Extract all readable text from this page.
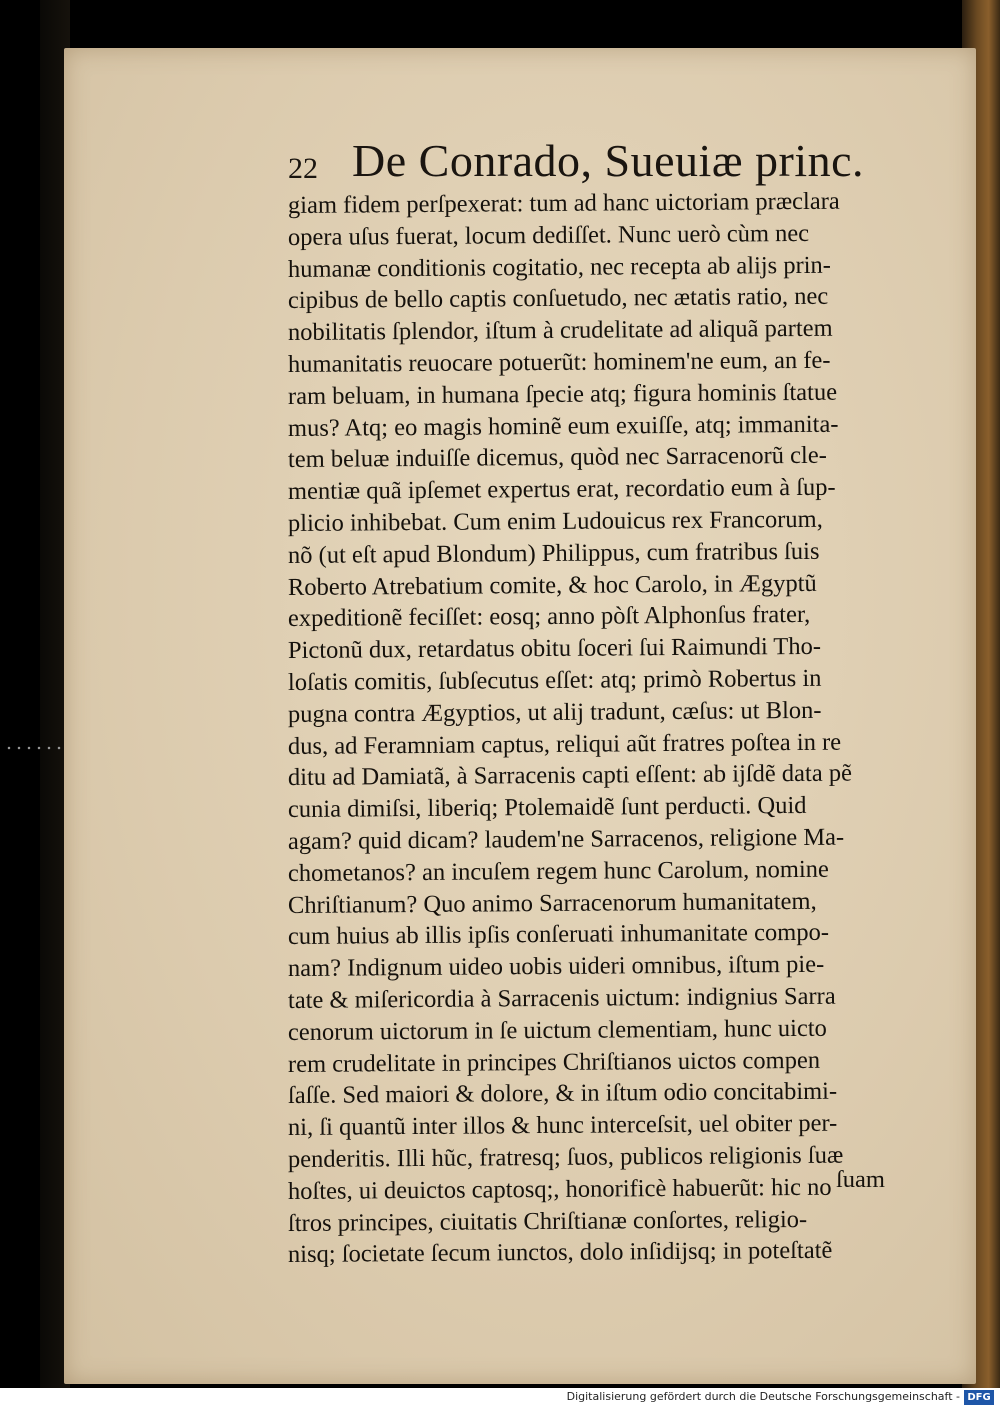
22 De Conrado, Sueuiæ princ.
giam fidem perſpexerat: tum ad hanc uictoriam præclara
opera uſus fuerat, locum dediſſet. Nunc uerò cùm nec
humanæ conditionis cogitatio, nec recepta ab alijs prin-
cipibus de bello captis conſuetudo, nec ætatis ratio, nec
nobilitatis ſplendor, iſtum à crudelitate ad aliquã partem
humanitatis reuocare potuerũt: hominem'ne eum, an fe-
ram beluam, in humana ſpecie atq; figura hominis ſtatue
mus? Atq; eo magis hominẽ eum exuiſſe, atq; immanita-
tem beluæ induiſſe dicemus, quòd nec Sarracenorũ cle-
mentiæ quã ipſemet expertus erat, recordatio eum à ſup-
plicio inhibebat. Cum enim Ludouicus rex Francorum,
nõ (ut eſt apud Blondum) Philippus, cum fratribus ſuis
Roberto Atrebatium comite, & hoc Carolo, in Ægyptũ
expeditionẽ feciſſet: eosq; anno pòſt Alphonſus frater,
Pictonũ dux, retardatus obitu ſoceri ſui Raimundi Tho-
loſatis comitis, ſubſecutus eſſet: atq; primò Robertus in
pugna contra Ægyptios, ut alij tradunt, cæſus: ut Blon-
dus, ad Feramniam captus, reliqui aũt fratres poſtea in re
ditu ad Damiatã, à Sarracenis capti eſſent: ab ijſdẽ data pẽ
cunia dimiſsi, liberiq; Ptolemaidẽ ſunt perducti. Quid
agam? quid dicam? laudem'ne Sarracenos, religione Ma-
chometanos? an incuſem regem hunc Carolum, nomine
Chriſtianum? Quo animo Sarracenorum humanitatem,
cum huius ab illis ipſis conſeruati inhumanitate compo-
nam? Indignum uideo uobis uideri omnibus, iſtum pie-
tate & miſericordia à Sarracenis uictum: indignius Sarra
cenorum uictorum in ſe uictum clementiam, hunc uicto
rem crudelitate in principes Chriſtianos uictos compen
ſaſſe. Sed maiori & dolore, & in iſtum odio concitabimi-
ni, ſi quantũ inter illos & hunc interceſsit, uel obiter per-
penderitis. Illi hũc, fratresq; ſuos, publicos religionis ſuæ
hoſtes, ui deuictos captosq;, honorificè habuerũt: hic no
ſtros principes, ciuitatis Chriſtianæ conſortes, religio-
nisq; ſocietate ſecum iunctos, dolo inſidijsq; in poteſtatẽ
ſuam
Digitalisierung gefördert durch die Deutsche Forschungsgemeinschaft - DFG
